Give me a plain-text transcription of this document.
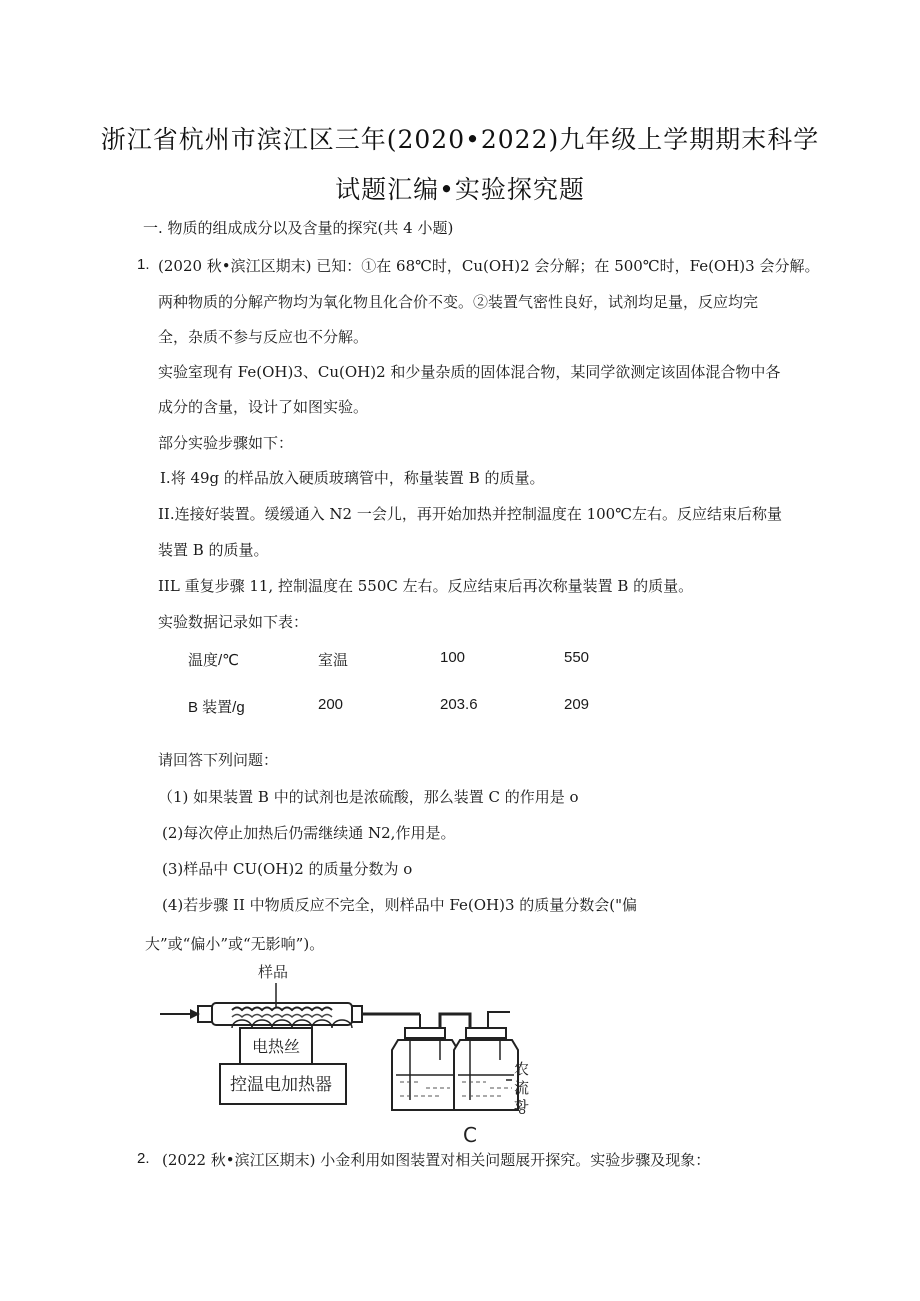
浙江省杭州市滨江区三年(2020•2022)九年级上学期期末科学
试题汇编•实验探究题
一. 物质的组成成分以及含量的探究(共 4 小题)
1. (2020 秋•滨江区期末) 已知：①在 68℃时，Cu(OH)2 会分解；在 500℃时，Fe(OH)3 会分解。
两种物质的分解产物均为氧化物且化合价不变。②装置气密性良好，试剂均足量，反应均完
全，杂质不参与反应也不分解。
实验室现有 Fe(OH)3、Cu(OH)2 和少量杂质的固体混合物，某同学欲测定该固体混合物中各
成分的含量，设计了如图实验。
部分实验步骤如下：
Ⅰ.将 49g 的样品放入硬质玻璃管中，称量装置 B 的质量。
II.连接好装置。缓缓通入 N2 一会儿，再开始加热并控制温度在 100℃左右。反应结束后称量
装置 B 的质量。
IIL 重复步骤 11, 控制温度在 550C 左右。反应结束后再次称量装置 B 的质量。
实验数据记录如下表：
温度/℃	室温	100	550
B 装置/g	200	203.6	209
请回答下列问题：
（1) 如果装置 B 中的试剂也是浓硫酸，那么装置 C 的作用是 o
(2)每次停止加热后仍需继续通 N2,作用是。
(3)样品中 CU(OH)2 的质量分数为 o
(4)若步骤 II 中物质反应不完全，则样品中 Fe(OH)3 的质量分数会("偏
大”或“偏小”或“无影响”)。
样品
电热丝
控温电加热器
农
流
황
C
2. (2022 秋•滨江区期末) 小金利用如图装置对相关问题展开探究。实验步骤及现象：
